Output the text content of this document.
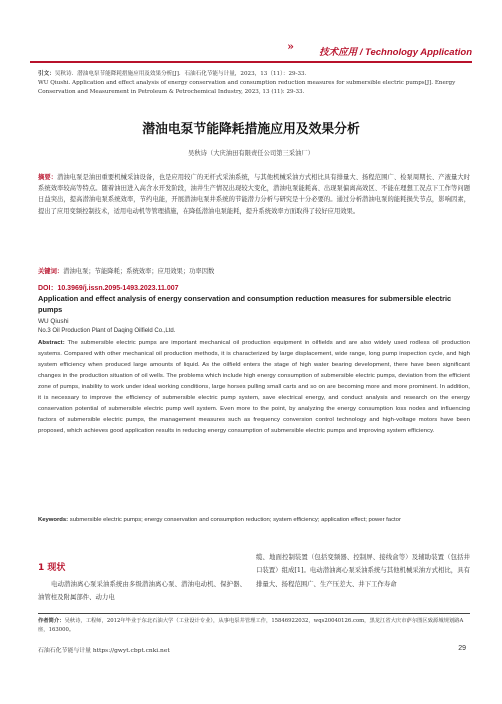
»	技术应用 / Technology Application
引文：吴秋诗．潜油电泵节能降耗措施应用及效果分析[J]．石油石化节能与计量，2023，13（11）：29-33．
WU Qiushi. Application and effect analysis of energy conservation and consumption reduction measures for submersible electric pumps[J]. Energy Conservation and Measurement in Petroleum & Petrochemical Industry, 2023, 13 (11): 29-33.
潜油电泵节能降耗措施应用及效果分析
吴秋诗（大庆油田有限责任公司第三采油厂）
摘要：潜油电泵是油田重要机械采油设备，也是应用较广的无杆式采油系统，与其他机械采油方式相比具有排量大、扬程范围广、检泵周期长、产液量大时系统效率较高等特点。随着油田进入高含水开发阶段，油井生产情况出现较大变化，潜油电泵能耗高、出现泵偏离高效区、不能在理想工况点下工作等问题日益突出，提高潜油电泵系统效率，节约电能，开展潜油电泵井系统的节能潜力分析与研究是十分必要的。通过分析潜油电泵的能耗损失节点，影响因素，提出了应用变频控制技术，适用电动机等管理措施，在降低潜油电泵能耗，提升系统效率方面取得了较好应用效果。
关键词：潜油电泵；节能降耗；系统效率；应用效果；功率因数
DOI：10.3969/j.issn.2095-1493.2023.11.007
Application and effect analysis of energy conservation and consumption reduction measures for submersible electric pumps
WU Qiushi
No.3 Oil Production Plant of Daqing Oilfield Co.,Ltd.
Abstract: The submersible electric pumps are important mechanical oil production equipment in oilfields and are also widely used rodless oil production systems. Compared with other mechanical oil production methods, it is characterized by large displacement, wide range, long pump inspection cycle, and high system efficiency when produced large amounts of liquid. As the oilfield enters the stage of high water bearing development, there have been significant changes in the production situation of oil wells. The problems which include high energy consumption of submersible electric pumps, deviation from the efficient zone of pumps, inability to work under ideal working conditions, large horses pulling small carts and so on are becoming more and more prominent. In addition, it is necessary to improve the efficiency of submersible electric pump system, save electrical energy, and conduct analysis and research on the energy conservation potential of submersible electric pump well system. Even more to the point, by analyzing the energy consumption loss nodes and influencing factors of submersible electric pumps, the management measures such as frequency conversion control technology and high-voltage motors have been proposed, which achieves good application results in reducing energy consumption of submersible electric pumps and improving system efficiency.
Keywords: submersible electric pumps; energy conservation and consumption reduction; system efficiency; application effect; power factor
1 现状
电动潜油离心泵采油系统由多级潜油离心泵、潜油电动机、保护器、油管柱及附属部件、动力电
缆、地面控制装置（包括变频器、控制屏、接线盒等）及辅助装置（包括井口装置）组成[1]。电动潜油离心泵采油系统与其他机械采油方式相比，具有排量大、扬程范围广、生产压差大、井下工作寿命
作者简介：吴秋诗，工程师，2012年毕业于东北石油大学（工业设计专业），从事电泵井管理工作，15846922032，wqs20040126.com，黑龙江省大庆市萨尔图区致源城规划路A座，163000。
石油石化节能与计量 https://gwyt.cbpt.cnki.net	29
